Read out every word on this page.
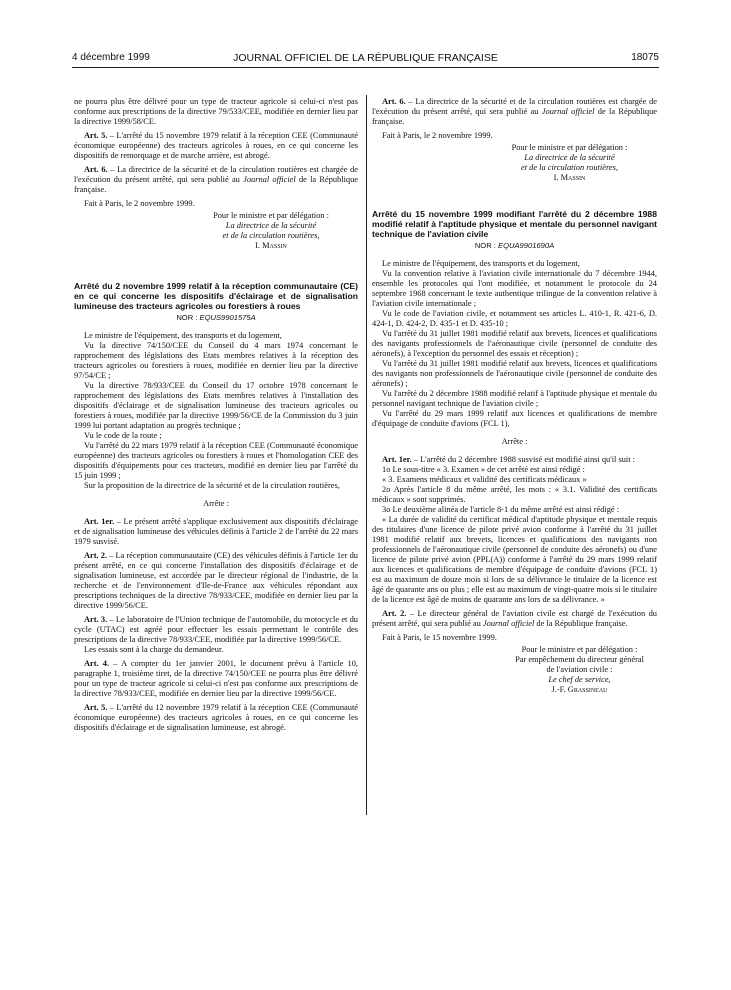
4 décembre 1999	JOURNAL OFFICIEL DE LA RÉPUBLIQUE FRANÇAISE	18075

ne pourra plus être délivré pour un type de tracteur agricole si celui-ci n'est pas conforme aux prescriptions de la directive 79/533/CEE, modifiée en dernier lieu par la directive 1999/58/CE.

Art. 5. – L'arrêté du 15 novembre 1979 relatif à la réception CEE (Communauté économique européenne) des tracteurs agricoles à roues, en ce qui concerne les dispositifs de remorquage et de marche arrière, est abrogé.

Art. 6. – La directrice de la sécurité et de la circulation routières est chargée de l'exécution du présent arrêté, qui sera publié au Journal officiel de la République française.

Fait à Paris, le 2 novembre 1999.

Pour le ministre et par délégation :
La directrice de la sécurité
et de la circulation routières,
I. Massin

Arrêté du 2 novembre 1999 relatif à la réception communautaire (CE) en ce qui concerne les dispositifs d'éclairage et de signalisation lumineuse des tracteurs agricoles ou forestiers à roues

NOR : EQUS9901575A

Le ministre de l'équipement, des transports et du logement,

Vu la directive 74/150/CEE du Conseil du 4 mars 1974 concernant le rapprochement des législations des Etats membres relatives à la réception des tracteurs agricoles ou forestiers à roues, modifiée en dernier lieu par la directive 97/54/CE ;

Vu la directive 78/933/CEE du Conseil du 17 octobre 1978 concernant le rapprochement des législations des Etats membres relatives à l'installation des dispositifs d'éclairage et de signalisation lumineuse des tracteurs agricoles ou forestiers à roues, modifiée par la directive 1999/56/CE de la Commission du 3 juin 1999 lui portant adaptation au progrès technique ;

Vu le code de la route ;

Vu l'arrêté du 22 mars 1979 relatif à la réception CEE (Communauté économique européenne) des tracteurs agricoles ou forestiers à roues et l'homologation CEE des dispositifs d'équipements pour ces tracteurs, modifié en dernier lieu par l'arrêté du 15 juin 1999 ;

Sur la proposition de la directrice de la sécurité et de la circulation routières,

Arrête :

Art. 1er. – Le présent arrêté s'applique exclusivement aux dispositifs d'éclairage et de signalisation lumineuse des véhicules définis à l'article 2 de l'arrêté du 22 mars 1979 susvisé.

Art. 2. – La réception communautaire (CE) des véhicules définis à l'article 1er du présent arrêté, en ce qui concerne l'installation des dispositifs d'éclairage et de signalisation lumineuse, est accordée par le directeur régional de l'industrie, de la recherche et de l'environnement d'Ile-de-France aux véhicules répondant aux prescriptions techniques de la directive 78/933/CEE, modifiée en dernier lieu par la directive 1999/56/CE.

Art. 3. – Le laboratoire de l'Union technique de l'automobile, du motocycle et du cycle (UTAC) est agréé pour effectuer les essais permettant le contrôle des prescriptions de la directive 78/933/CEE, modifiée par la directive 1999/56/CE.

Les essais sont à la charge du demandeur.

Art. 4. – A compter du 1er janvier 2001, le document prévu à l'article 10, paragraphe 1, troisième tiret, de la directive 74/150/CEE ne pourra plus être délivré pour un type de tracteur agricole si celui-ci n'est pas conforme aux prescriptions de la directive 78/933/CEE, modifiée en dernier lieu par la directive 1999/56/CE.

Art. 5. – L'arrêté du 12 novembre 1979 relatif à la réception CEE (Communauté économique européenne) des tracteurs agricoles à roues, en ce qui concerne les dispositifs d'éclairage et de signalisation lumineuse, est abrogé.

Art. 6. – La directrice de la sécurité et de la circulation routières est chargée de l'exécution du présent arrêté, qui sera publié au Journal officiel de la République française.

Fait à Paris, le 2 novembre 1999.

Pour le ministre et par délégation :
La directrice de la sécurité
et de la circulation routières,
I. Massin

Arrêté du 15 novembre 1999 modifiant l'arrêté du 2 décembre 1988 modifié relatif à l'aptitude physique et mentale du personnel navigant technique de l'aviation civile

NOR : EQUA9901690A

Le ministre de l'équipement, des transports et du logement,

Vu la convention relative à l'aviation civile internationale du 7 décembre 1944, ensemble les protocoles qui l'ont modifiée, et notamment le protocole du 24 septembre 1968 concernant le texte authentique trilingue de la convention relative à l'aviation civile internationale ;

Vu le code de l'aviation civile, et notamment ses articles L. 410-1, R. 421-6, D. 424-1, D. 424-2, D. 435-1 et D. 435-10 ;

Vu l'arrêté du 31 juillet 1981 modifié relatif aux brevets, licences et qualifications des navigants professionnels de l'aéronautique civile (personnel de conduite des aéronefs), à l'exception du personnel des essais et réception) ;

Vu l'arrêté du 31 juillet 1981 modifié relatif aux brevets, licences et qualifications des navigants non professionnels de l'aéronautique civile (personnel de conduite des aéronefs) ;

Vu l'arrêté du 2 décembre 1988 modifié relatif à l'aptitude physique et mentale du personnel navigant technique de l'aviation civile ;

Vu l'arrêté du 29 mars 1999 relatif aux licences et qualifications de membre d'équipage de conduite d'avions (FCL 1),

Arrête :

Art. 1er. – L'arrêté du 2 décembre 1988 susvisé est modifié ainsi qu'il suit :

1o Le sous-titre « 3. Examen » de cet arrêté est ainsi rédigé :

« 3. Examens médicaux et validité des certificats médicaux »

2o Après l'article 8 du même arrêté, les mots : « 3.1. Validité des certificats médicaux » sont supprimés.

3o Le deuxième alinéa de l'article 8-1 du même arrêté est ainsi rédigé :

« La durée de validité du certificat médical d'aptitude physique et mentale requis des titulaires d'une licence de pilote privé avion conforme à l'arrêté du 31 juillet 1981 modifié relatif aux brevets, licences et qualifications des navigants non professionnels de l'aéronautique civile (personnel de conduite des aéronefs) ou d'une licence de pilote privé avion (PPL(A)) conforme à l'arrêté du 29 mars 1999 relatif aux licences et qualifications de membre d'équipage de conduite d'avions (FCL 1) est au maximum de douze mois si lors de sa délivrance le titulaire de la licence est âgé de quarante ans ou plus ; elle est au maximum de vingt-quatre mois si le titulaire de la licence est âgé de moins de quarante ans lors de sa délivrance. »

Art. 2. – Le directeur général de l'aviation civile est chargé de l'exécution du présent arrêté, qui sera publié au Journal officiel de la République française.

Fait à Paris, le 15 novembre 1999.

Pour le ministre et par délégation :
Par empêchement du directeur général
de l'aviation civile :
Le chef de service,
J.-F. Grassineau
